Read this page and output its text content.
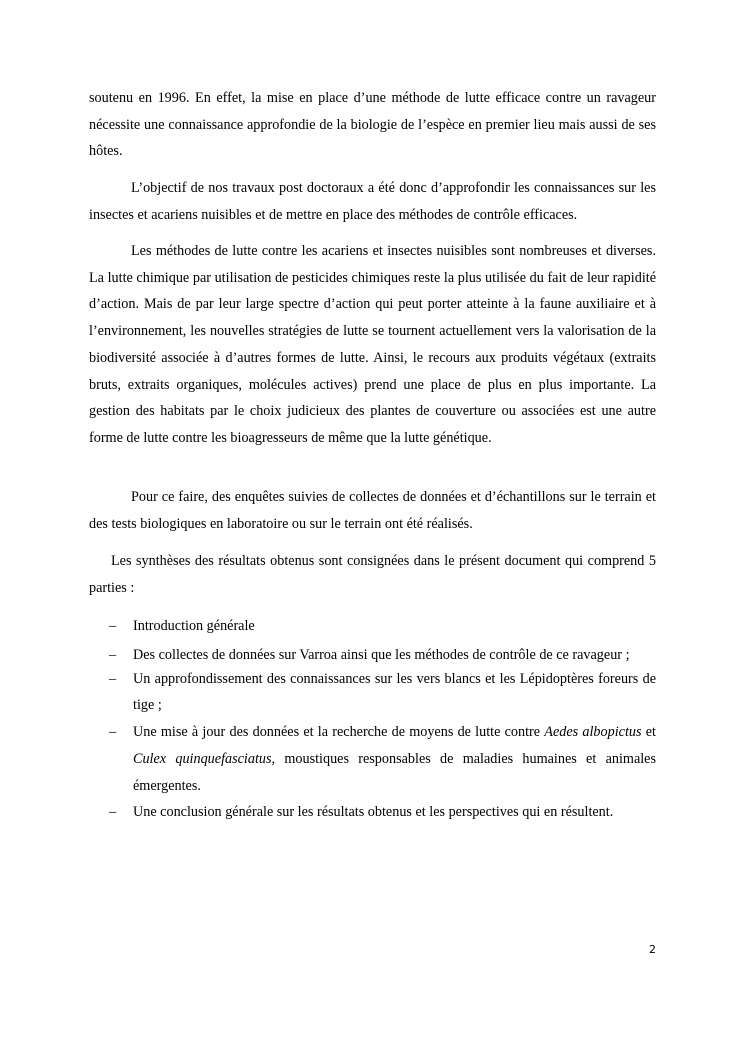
soutenu en 1996. En effet, la mise en place d’une méthode de lutte efficace contre un ravageur nécessite une connaissance approfondie de la biologie de l’espèce en premier lieu mais aussi de ses hôtes.

L’objectif de nos travaux post doctoraux a été donc d’approfondir les connaissances sur les insectes et acariens nuisibles et de mettre en place des méthodes de contrôle efficaces.

Les méthodes de lutte contre les acariens et insectes nuisibles sont nombreuses et diverses. La lutte chimique par utilisation de pesticides chimiques reste la plus utilisée du fait de leur rapidité d’action. Mais de par leur large spectre d’action qui peut porter atteinte à la faune auxiliaire et à l’environnement, les nouvelles stratégies de lutte se tournent actuellement vers la valorisation de la biodiversité associée à d’autres formes de lutte. Ainsi, le recours aux produits végétaux (extraits bruts, extraits organiques, molécules actives) prend une place de plus en plus importante. La gestion des habitats par le choix judicieux des plantes de couverture ou associées est une autre forme de lutte contre les bioagresseurs de même que la lutte génétique.

Pour ce faire, des enquêtes suivies de collectes de données et d’échantillons sur le terrain et des tests biologiques en laboratoire ou sur le terrain ont été réalisés.

Les synthèses des résultats obtenus sont consignées dans le présent document qui comprend 5 parties :

– Introduction générale
– Des collectes de données sur Varroa ainsi que les méthodes de contrôle de ce ravageur ;
– Un approfondissement des connaissances sur les vers blancs et les Lépidoptères foreurs de tige ;
– Une mise à jour des données et la recherche de moyens de lutte contre Aedes albopictus et Culex quinquefasciatus, moustiques responsables de maladies humaines et animales émergentes.
– Une conclusion générale sur les résultats obtenus et les perspectives qui en résultent.
2
